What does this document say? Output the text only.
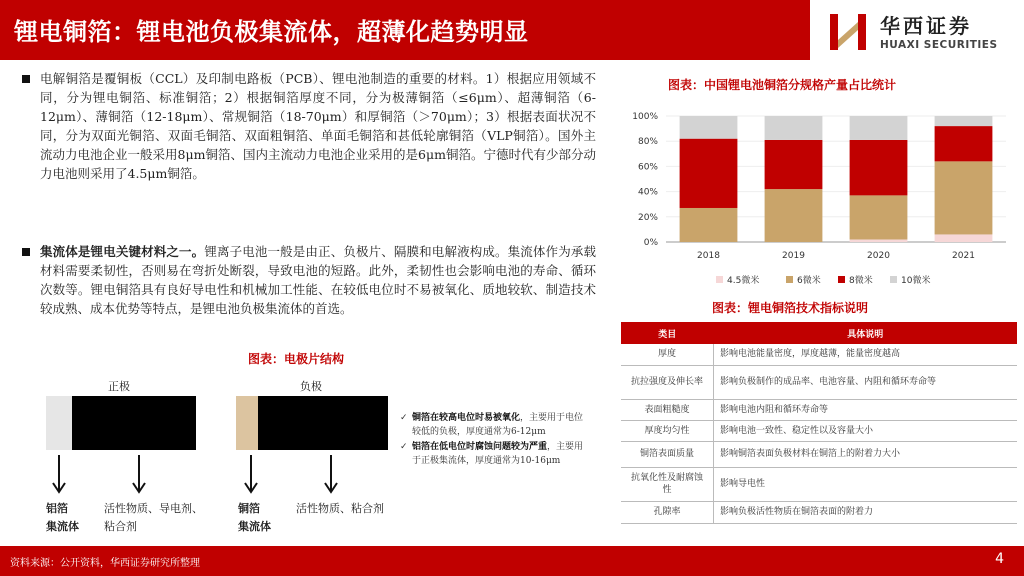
锂电铜箔：锂电池负极集流体，超薄化趋势明显	华西证券
HUAXI SECURITIES
电解铜箔是覆铜板（CCL）及印制电路板（PCB）、锂电池制造的重要的材料。1）根据应用领域不同，分为锂电铜箔、标准铜箔；2）根据铜箔厚度不同，分为极薄铜箔（≤6μm）、超薄铜箔（6-12μm）、薄铜箔（12-18μm）、常规铜箔（18-70μm）和厚铜箔（＞70μm）；3）根据表面状况不同，分为双面光铜箔、双面毛铜箔、双面粗铜箔、单面毛铜箔和甚低轮廓铜箔（VLP铜箔）。国外主流动力电池企业一般采用8μm铜箔、国内主流动力电池企业采用的是6μm铜箔。宁德时代有少部分动力电池则采用了4.5μm铜箔。
集流体是锂电关键材料之一。锂离子电池一般是由正、负极片、隔膜和电解液构成。集流体作为承载材料需要柔韧性，否则易在弯折处断裂，导致电池的短路。此外，柔韧性也会影响电池的寿命、循环次数等。锂电铜箔具有良好导电性和机械加工性能、在较低电位时不易被氧化、质地较软、制造技术较成熟、成本优势等特点，是锂电池负极集流体的首选。
图表：电极片结构
正极	负极
铝箔
集流体
活性物质、导电剂、
粘合剂
铜箔
集流体
活性物质、粘合剂
✓ 铜箔在较高电位时易被氧化，主要用于电位较低的负极，厚度通常为6-12μm
✓ 铝箔在低电位时腐蚀问题较为严重，主要用于正极集流体，厚度通常为10-16μm
图表：中国锂电池铜箔分规格产量占比统计
0%
20%
40%
60%
80%
100%
2018	2019	2020	2021
4.5微米	6微米	8微米	10微米
图表：锂电铜箔技术指标说明
类目	具体说明
厚度	影响电池能量密度，厚度越薄，能量密度越高
抗拉强度及伸长率	影响负极制作的成品率、电池容量、内阻和循环寿命等
表面粗糙度	影响电池内阻和循环寿命等
厚度均匀性	影响电池一致性、稳定性以及容量大小
铜箔表面质量	影响铜箔表面负极材料在铜箔上的附着力大小
抗氧化性及耐腐蚀性	影响导电性
孔隙率	影响负极活性物质在铜箔表面的附着力
资料来源：公开资料，华西证券研究所整理	4
